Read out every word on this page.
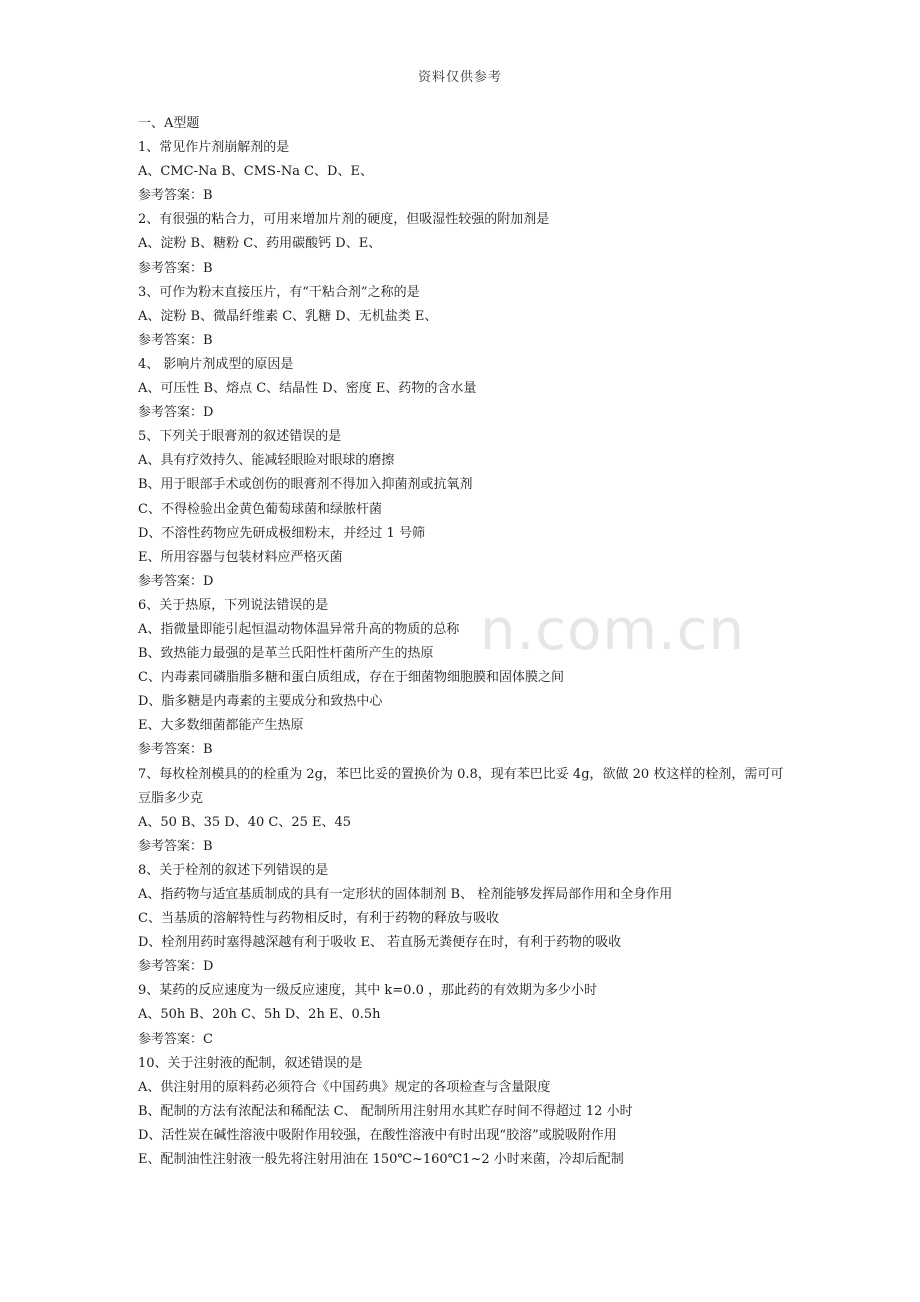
资料仅供参考
n.com.cn
一、A型题
1、常见作片剂崩解剂的是
A、CMC-Na B、CMS-Na C、D、E、
参考答案：B
2、有很强的粘合力，可用来增加片剂的硬度，但吸湿性较强的附加剂是
A、淀粉 B、糖粉 C、药用碳酸钙 D、E、
参考答案：B
3、可作为粉末直接压片，有“干粘合剂”之称的是
A、淀粉 B、微晶纤维素 C、乳糖 D、无机盐类 E、
参考答案：B
4、 影响片剂成型的原因是
A、可压性 B、熔点 C、结晶性 D、密度 E、药物的含水量
参考答案：D
5、下列关于眼膏剂的叙述错误的是
A、具有疗效持久、能减轻眼睑对眼球的磨擦
B、用于眼部手术或创伤的眼膏剂不得加入抑菌剂或抗氧剂
C、不得检验出金黄色葡萄球菌和绿脓杆菌
D、不溶性药物应先研成极细粉末，并经过 1 号筛
E、所用容器与包装材料应严格灭菌
参考答案：D
6、关于热原，下列说法错误的是
A、指微量即能引起恒温动物体温异常升高的物质的总称
B、致热能力最强的是革兰氏阳性杆菌所产生的热原
C、内毒素同磷脂脂多糖和蛋白质组成，存在于细菌物细胞膜和固体膜之间
D、脂多糖是内毒素的主要成分和致热中心
E、大多数细菌都能产生热原
参考答案：B
7、每枚栓剂模具的的栓重为 2g，苯巴比妥的置换价为 0.8，现有苯巴比妥 4g，欲做 20 枚这样的栓剂，需可可豆脂多少克
A、50 B、35 D、40 C、25 E、45
参考答案：B
8、关于栓剂的叙述下列错误的是
A、指药物与适宜基质制成的具有一定形状的固体制剂 B、 栓剂能够发挥局部作用和全身作用
C、当基质的溶解特性与药物相反时，有利于药物的释放与吸收
D、栓剂用药时塞得越深越有利于吸收 E、 若直肠无粪便存在时，有利于药物的吸收
参考答案：D
9、某药的反应速度为一级反应速度，其中 k=0.0 ，那此药的有效期为多少小时
A、50h B、20h C、5h D、2h E、0.5h
参考答案：C
10、关于注射液的配制，叙述错误的是
A、供注射用的原料药必须符合《中国药典》规定的各项检查与含量限度
B、配制的方法有浓配法和稀配法 C、 配制所用注射用水其贮存时间不得超过 12 小时
D、活性炭在碱性溶液中吸附作用较强，在酸性溶液中有时出现“胶溶”或脱吸附作用
E、配制油性注射液一般先将注射用油在 150℃~160℃1~2 小时来菌，冷却后配制
